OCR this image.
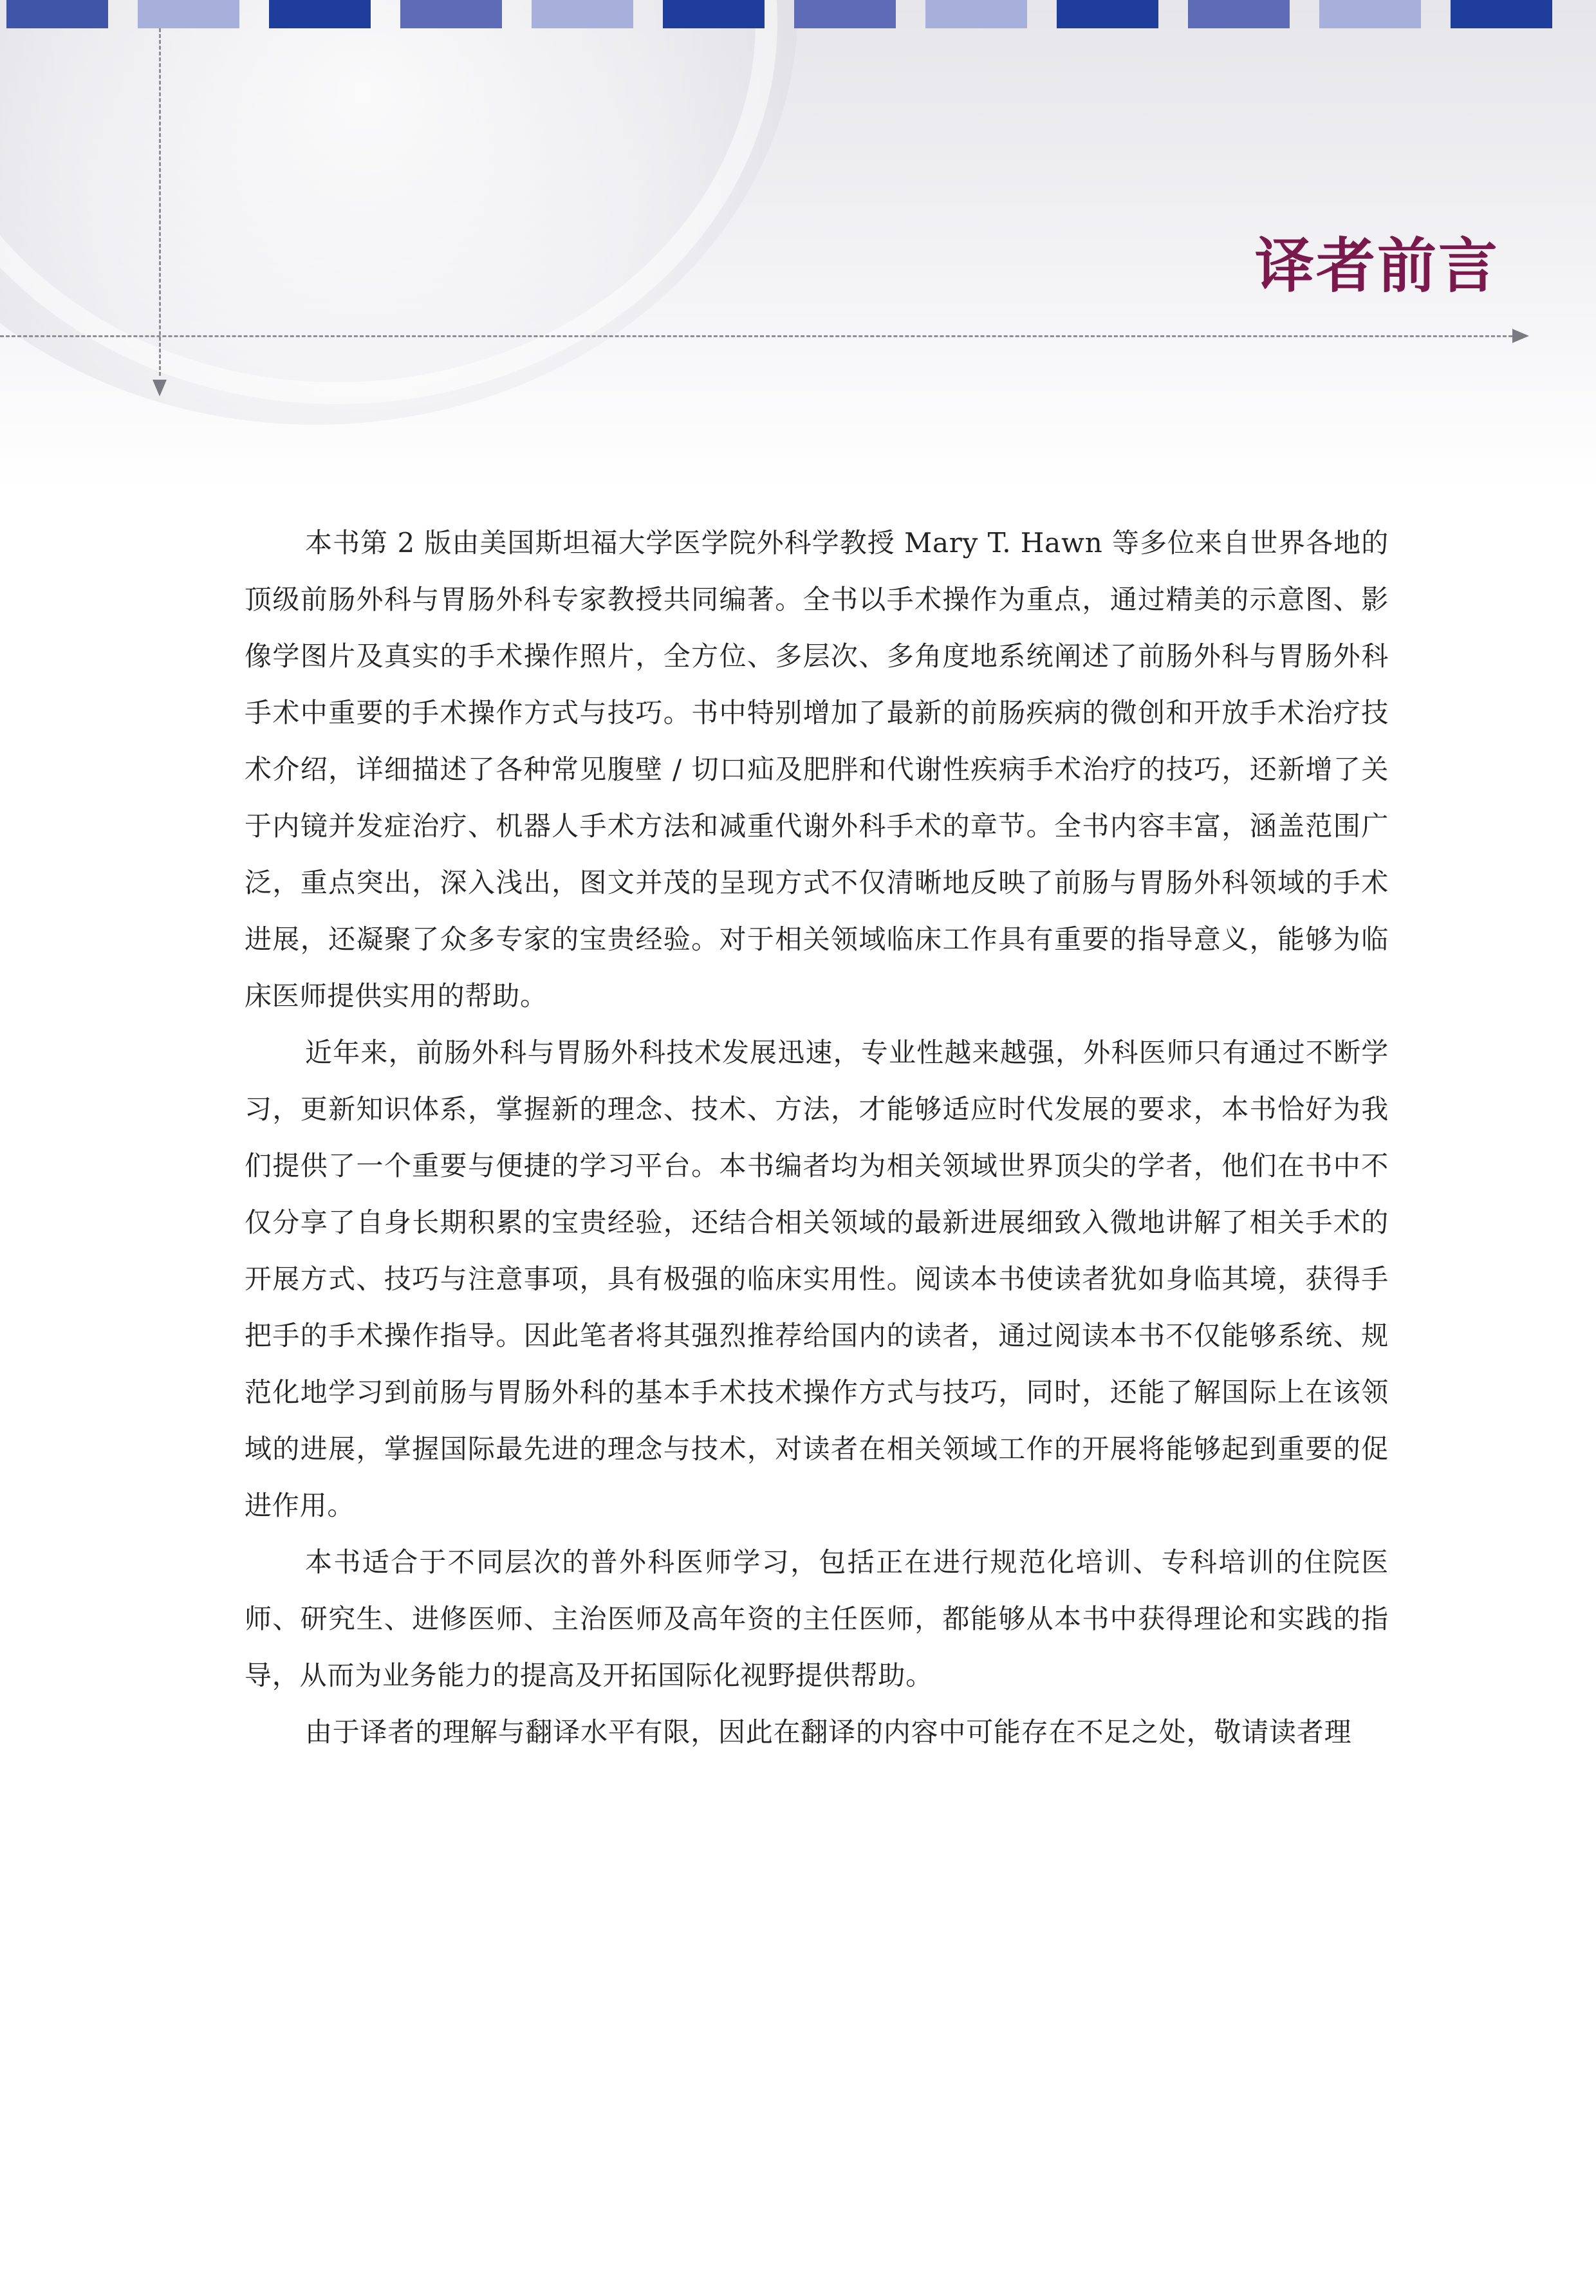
译者前言

本书第 2 版由美国斯坦福大学医学院外科学教授 Mary T. Hawn 等多位来自世界各地的顶级前肠外科与胃肠外科专家教授共同编著。全书以手术操作为重点，通过精美的示意图、影像学图片及真实的手术操作照片，全方位、多层次、多角度地系统阐述了前肠外科与胃肠外科手术中重要的手术操作方式与技巧。书中特别增加了最新的前肠疾病的微创和开放手术治疗技术介绍，详细描述了各种常见腹壁 / 切口疝及肥胖和代谢性疾病手术治疗的技巧，还新增了关于内镜并发症治疗、机器人手术方法和减重代谢外科手术的章节。全书内容丰富，涵盖范围广泛，重点突出，深入浅出，图文并茂的呈现方式不仅清晰地反映了前肠与胃肠外科领域的手术进展，还凝聚了众多专家的宝贵经验。对于相关领域临床工作具有重要的指导意义，能够为临床医师提供实用的帮助。

近年来，前肠外科与胃肠外科技术发展迅速，专业性越来越强，外科医师只有通过不断学习，更新知识体系，掌握新的理念、技术、方法，才能够适应时代发展的要求，本书恰好为我们提供了一个重要与便捷的学习平台。本书编者均为相关领域世界顶尖的学者，他们在书中不仅分享了自身长期积累的宝贵经验，还结合相关领域的最新进展细致入微地讲解了相关手术的开展方式、技巧与注意事项，具有极强的临床实用性。阅读本书使读者犹如身临其境，获得手把手的手术操作指导。因此笔者将其强烈推荐给国内的读者，通过阅读本书不仅能够系统、规范化地学习到前肠与胃肠外科的基本手术技术操作方式与技巧，同时，还能了解国际上在该领域的进展，掌握国际最先进的理念与技术，对读者在相关领域工作的开展将能够起到重要的促进作用。

本书适合于不同层次的普外科医师学习，包括正在进行规范化培训、专科培训的住院医师、研究生、进修医师、主治医师及高年资的主任医师，都能够从本书中获得理论和实践的指导，从而为业务能力的提高及开拓国际化视野提供帮助。

由于译者的理解与翻译水平有限，因此在翻译的内容中可能存在不足之处，敬请读者理
